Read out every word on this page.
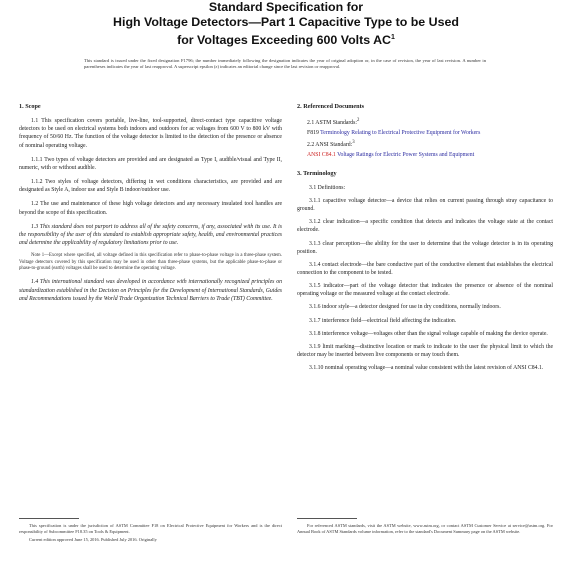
Standard Specification for
High Voltage Detectors—Part 1 Capacitive Type to be Used
for Voltages Exceeding 600 Volts $AC^1$
This standard is issued under the fixed designation F1796; the number immediately following the designation indicates the year of original adoption or, in the case of revision, the year of last revision. A number in parentheses indicates the year of last reapproval. A superscript epsilon (ε) indicates an editorial change since the last revision or reapproval.
1. Scope
1.1 This specification covers portable, live-line, tool-supported, direct-contact type capacitive voltage detectors to be used on electrical systems both indoors and outdoors for ac voltages from 600 V to 800 kV with frequency of 50/60 Hz. The function of the voltage detector is limited to the detection of the presence or absence of nominal operating voltage.
1.1.1 Two types of voltage detectors are provided and are designated as Type I, audible/visual and Type II, numeric, with or without audible.
1.1.2 Two styles of voltage detectors, differing in wet conditions characteristics, are provided and are designated as Style A, indoor use and Style B indoor/outdoor use.
1.2 The use and maintenance of these high voltage detectors and any necessary insulated tool handles are beyond the scope of this specification.
1.3 This standard does not purport to address all of the safety concerns, if any, associated with its use. It is the responsibility of the user of this standard to establish appropriate safety, health, and environmental practices and determine the applicability of regulatory limitations prior to use.
Note 1—Except where specified, all voltage defined in this specification refer to phase-to-phase voltage in a three-phase system. Voltage detectors covered by this specification may be used in other than three-phase systems, but the applicable phase-to-phase or phase-to-ground (earth) voltages shall be used to determine the operating voltage.
1.4 This international standard was developed in accordance with internationally recognized principles on standardization established in the Decision on Principles for the Development of International Standards, Guides and Recommendations issued by the World Trade Organization Technical Barriers to Trade (TBT) Committee.
2. Referenced Documents
2.1 ASTM Standards:$^2$
F819 Terminology Relating to Electrical Protective Equipment for Workers
2.2 ANSI Standard:$^3$
ANSI C84.1 Voltage Ratings for Electric Power Systems and Equipment
3. Terminology
3.1 Definitions:
3.1.1 capacitive voltage detector—a device that relies on current passing through stray capacitance to ground.
3.1.2 clear indication—a specific condition that detects and indicates the voltage state at the contact electrode.
3.1.3 clear perception—the ability for the user to determine that the voltage detector is in its operating position.
3.1.4 contact electrode—the bare conductive part of the conductive element that establishes the electrical connection to the component to be tested.
3.1.5 indicator—part of the voltage detector that indicates the presence or absence of the nominal operating voltage or the measured voltage at the contact electrode.
3.1.6 indoor style—a detector designed for use in dry conditions, normally indoors.
3.1.7 interference field—electrical field affecting the indication.
3.1.8 interference voltage—voltages other than the signal voltage capable of making the device operate.
3.1.9 limit marking—distinctive location or mark to indicate to the user the physical limit to which the detector may be inserted between live components or may touch them.
3.1.10 nominal operating voltage—a nominal value consistent with the latest revision of ANSI C84.1.

This specification is under the jurisdiction of ASTM Committee F18 on Electrical Protective Equipment for Workers and is the direct responsibility of Subcommittee F18.35 on Tools & Equipment.

Current edition approved June 15, 2016. Published July 2016. Originally

For referenced ASTM standards, visit the ASTM website, www.astm.org, or contact ASTM Customer Service at service@astm.org. For Annual Book of ASTM Standards volume information, refer to the standard's Document Summary page on the ASTM website.
